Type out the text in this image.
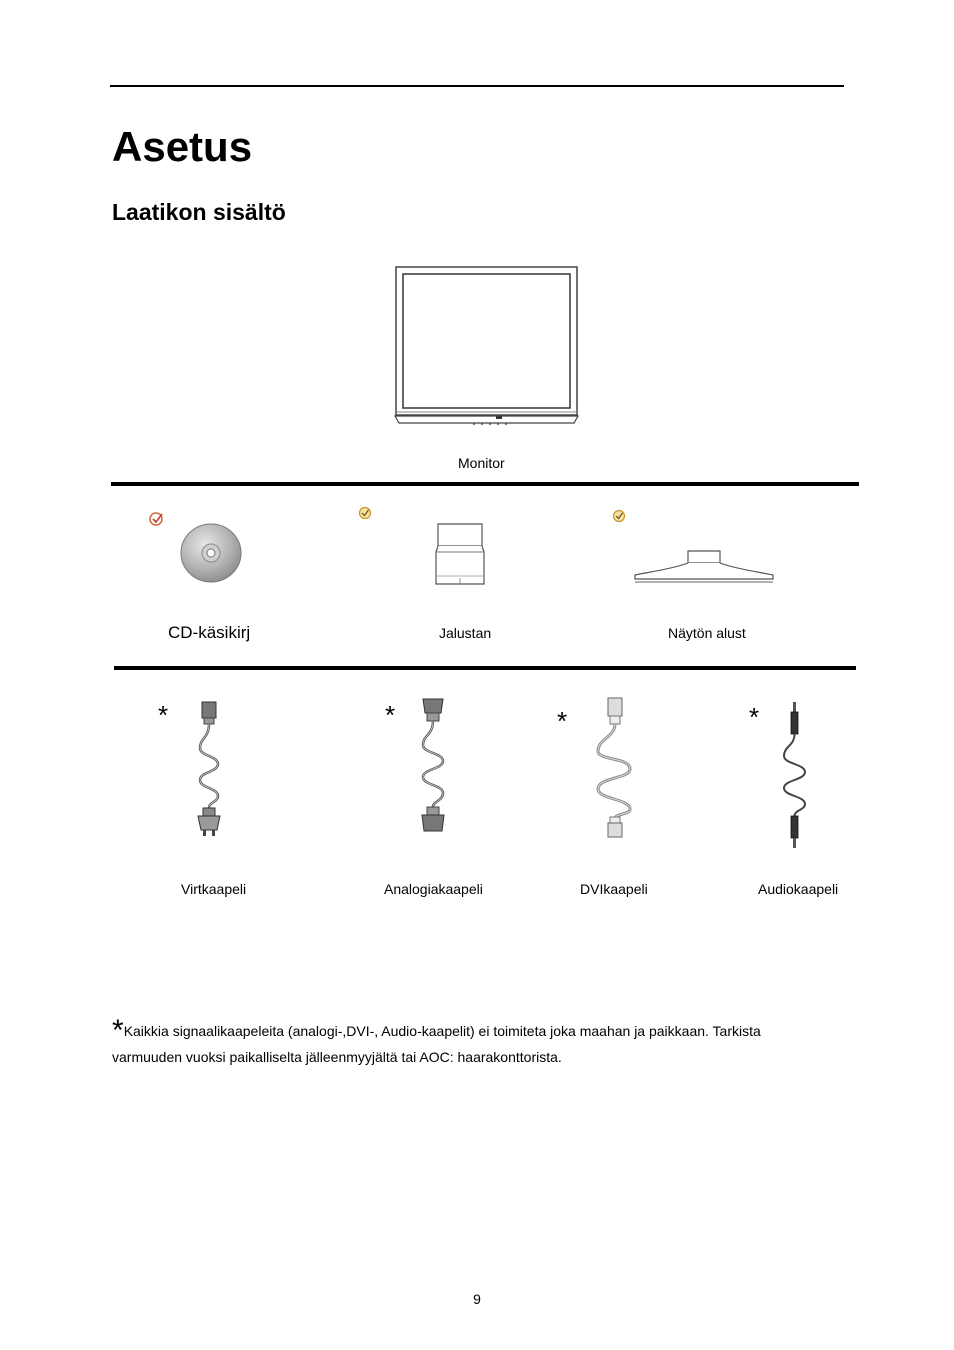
Asetus
Laatikon sisältö
Monitor
CD-käsikirj	Jalustan	Näytön alust
*
Virtkaapeli
*
Analogiakaapeli
*
DVIkaapeli
*
Audiokaapeli
*Kaikkia signaalikaapeleita (analogi-,DVI-, Audio-kaapelit) ei toimiteta joka maahan ja paikkaan. Tarkista varmuuden vuoksi paikalliselta jälleenmyyjältä tai AOC: haarakonttorista.
9
